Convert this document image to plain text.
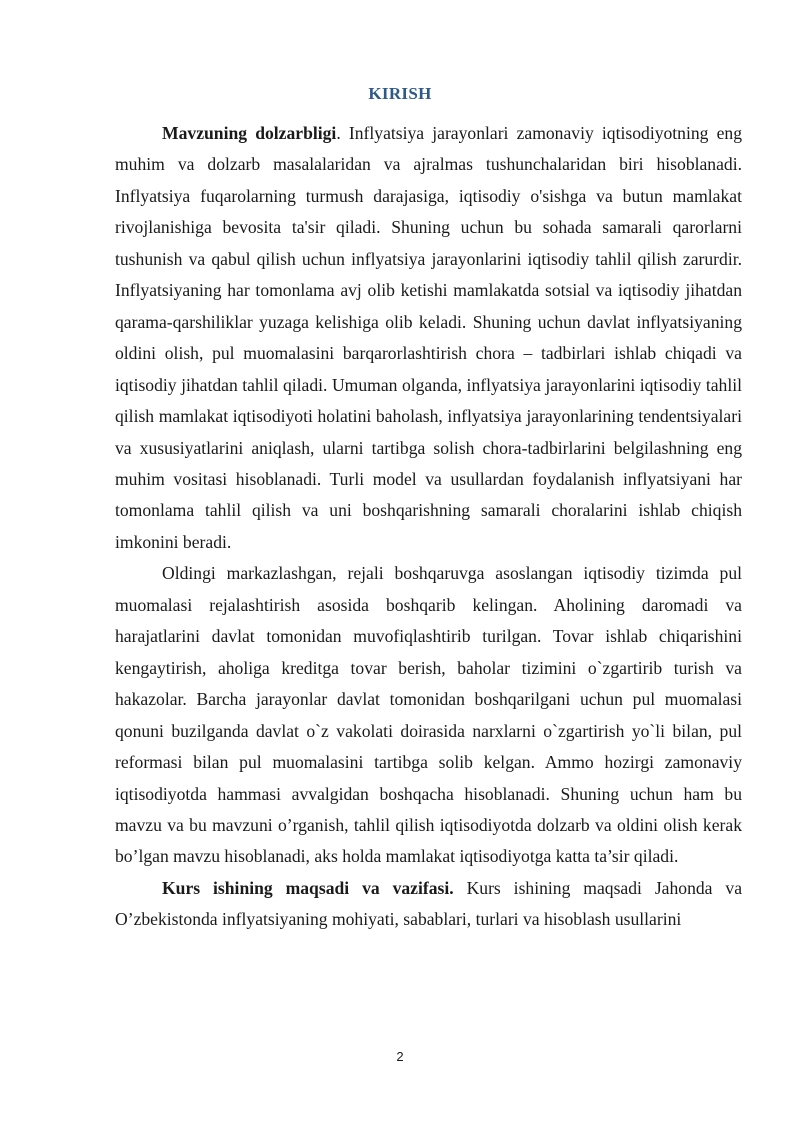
KIRISH

Mavzuning dolzarbligi. Inflyatsiya jarayonlari zamonaviy iqtisodiyotning eng muhim va dolzarb masalalaridan va ajralmas tushunchalaridan biri hisoblanadi. Inflyatsiya fuqarolarning turmush darajasiga, iqtisodiy o'sishga va butun mamlakat rivojlanishiga bevosita ta'sir qiladi. Shuning uchun bu sohada samarali qarorlarni tushunish va qabul qilish uchun inflyatsiya jarayonlarini iqtisodiy tahlil qilish zarurdir. Inflyatsiyaning har tomonlama avj olib ketishi mamlakatda sotsial va iqtisodiy jihatdan qarama-qarshiliklar yuzaga kelishiga olib keladi. Shuning uchun davlat inflyatsiyaning oldini olish, pul muomalasini barqarorlashtirish chora – tadbirlari ishlab chiqadi va iqtisodiy jihatdan tahlil qiladi. Umuman olganda, inflyatsiya jarayonlarini iqtisodiy tahlil qilish mamlakat iqtisodiyoti holatini baholash, inflyatsiya jarayonlarining tendentsiyalari va xususiyatlarini aniqlash, ularni tartibga solish chora-tadbirlarini belgilashning eng muhim vositasi hisoblanadi. Turli model va usullardan foydalanish inflyatsiyani har tomonlama tahlil qilish va uni boshqarishning samarali choralarini ishlab chiqish imkonini beradi.

Oldingi markazlashgan, rejali boshqaruvga asoslangan iqtisodiy tizimda pul muomalasi rejalashtirish asosida boshqarib kelingan. Aholining daromadi va harajatlarini davlat tomonidan muvofiqlashtirib turilgan. Tovar ishlab chiqarishini kengaytirish, aholiga kreditga tovar berish, baholar tizimini o`zgartirib turish va hakazolar. Barcha jarayonlar davlat tomonidan boshqarilgani uchun pul muomalasi qonuni buzilganda davlat o`z vakolati doirasida narxlarni o`zgartirish yo`li bilan, pul reformasi bilan pul muomalasini tartibga solib kelgan. Ammo hozirgi zamonaviy iqtisodiyotda hammasi avvalgidan boshqacha hisoblanadi. Shuning uchun ham bu mavzu va bu mavzuni o’rganish, tahlil qilish iqtisodiyotda dolzarb va oldini olish kerak bo’lgan mavzu hisoblanadi, aks holda mamlakat iqtisodiyotga katta ta’sir qiladi.

Kurs ishining maqsadi va vazifasi. Kurs ishining maqsadi Jahonda va O’zbekistonda inflyatsiyaning mohiyati, sabablari, turlari va hisoblash usullarini

2
